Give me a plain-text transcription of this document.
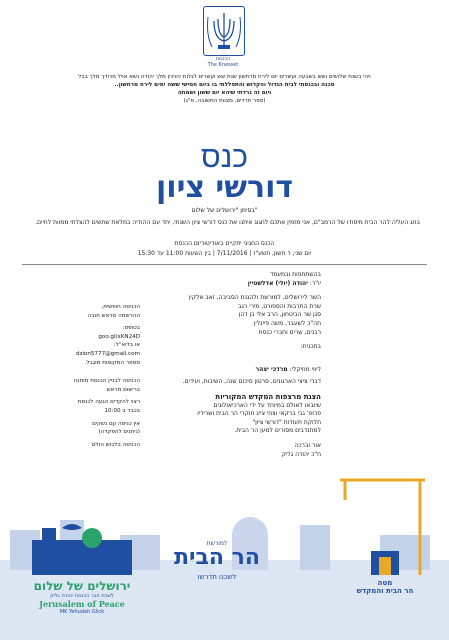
הכנסת
The Knesset
ויהי בשנת שלושים ושש בשבעה ועשרים יום לירח מרחשון שנת שש ועשרים לגלות יהויכין מלך יהודה נשא אויל מרודך מלך בבל
סכנה ובכנסתי לבית הגדול והקדוש והתפללתי בו ביום חמישי ששה ימים לירח מרחשון..
ויום זה נרדתי שיהא יום ששון ושמחה
(ספר חרדים, מצוות התשובה, פ"ג)
כנס
דורשי ציון
בסימן "ירושלים של שלום"
בחג העליה להר הבית מיסודו של הרמב"ם, אני מזמין אתכם לחגוג איתנו את כנס דורשי ציון השנתי, יחד עם ההודיה במלאת שתשים להצלתי ממוות לחיים.
הכנס החגיגי יתקיים באודיטוריום הכנסת
יום שני, ו' חשון, תשע"ז | 7/11/2016 | בין השעות 11:00 עד 15:30
בהשתתפות ובמעמד
יו"ר: יהודה (יולי) אדלשטיין
השר לירושלים, למורשת ולהגנת הסביבה, זאב אלקין
שרת התרבות והספורט, מירי רגב
סגן שר הביטחון, הרב אלי בן דהן
חה"כ לשעבר, משה פייגלין
רבנים, שרים וחברי כנסת
בתכנית:
ליווי מוזיקלי: מרדכי יצהר
דברי ציצי הארגונים, סרטון סיכום שנה, השיבות, ועידים.
הצגת מרצפות המקדש המקוריות
שיובאו לאולם במיוחד על ידי הארכיאולוגים
פרופ' גבי ברקאי וצחי צייג חוקרי הר הבית ושרידיו
חלוקת תעודות "דורשי ציון"
למתנדבים מסורים למען הר הבית.
אור וברכה
ח"כ יהודה גליק
הכניסה חופשית,
ההרשמה מראש חובה
בטופס:
goo.gl/xKN24D
או בדוא"ל:
dzion5777@gmail.com
מספר המקומות מוגבל.
הכניסה לבניין הכנסת מותנה
ברישום מראש
רצוי להקדים הגעה לכנסת
בכבר ב 10:00
אין כניסה עם נשקים
(ניתנים להפקדה)
הכניסה בלבוש הולם
ירושלים של שלום
לשכת חבר הכנסת יהודה גליק
Jerusalem of Peace
MK Yehudah Glick
למורשת
הר הבית
לשכנו תדרשו
מטה
הר הבית והמקדש
